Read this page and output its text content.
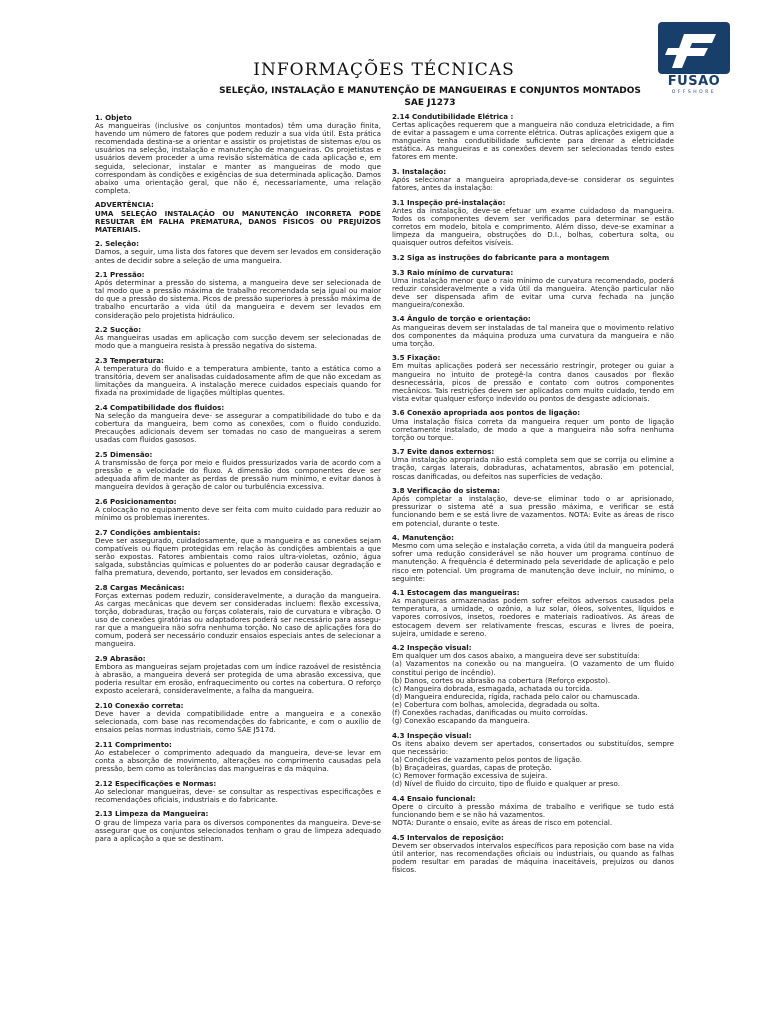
FUSAO
OFFSHORE
INFORMAÇÕES TÉCNICAS
SELEÇÃO, INSTALAÇÃO E MANUTENÇÃO DE MANGUEIRAS E CONJUNTOS MONTADOS
SAE J1273
1. Objeto

As mangueiras (inclusive os conjuntos montados) têm uma duração finita, havendo um número de fatores que podem reduzir a sua vida útil. Esta prática recomendada destina-se a orientar e assistir os projetistas de sistemas e/ou os usuários na seleção, instalação e manutenção de mangueiras. Os projetistas e usuários devem proceder a uma revisão sistemática de cada aplicação e, em seguida, selecionar, instalar e manter as mangueiras de modo que correspondam às condições e exigências de sua determinada aplicação. Damos abaixo uma orientação geral, que não é, necessariamente, uma relação completa.

ADVERTÊNCIA:

UMA SELEÇÃO INSTALAÇÃO OU MANUTENÇÃO INCORRETA PODE RESULTAR EM FALHA PREMATURA, DANOS FÍSICOS OU PREJUÍZOS MATERIAIS.

2. Seleção:

Damos, a seguir, uma lista dos fatores que devem ser levados em consideração antes de decidir sobre a seleção de uma mangueira.

2.1 Pressão:

Após determinar a pressão do sistema, a mangueira deve ser selecionada de tal modo que a pressão máxima de trabalho recomendada seja igual ou maior do que a pressão do sistema. Picos de pressão superiores à pressão máxima de trabalho encurtarão a vida útil da mangueira e devem ser levados em consideração pelo projetista hidráulico.

2.2 Sucção:

As mangueiras usadas em aplicação com sucção devem ser selecionadas de modo que a mangueira resista à pressão negativa do sistema.

2.3 Temperatura:

A temperatura do fluido e a temperatura ambiente, tanto a estática como a transitória, devem ser analisadas cuidadosamente afim de que não excedam as limitações da mangueira. A instalação merece cuidados especiais quando for fixada na proximidade de ligações múltiplas quentes.

2.4 Compatibilidade dos fluidos:

Na seleção da mangueira deve- se assegurar a compatibilidade do tubo e da cobertura da mangueira, bem como as conexões, com o fluido conduzido. Precauções adicionais devem ser tomadas no caso de mangueiras a serem usadas com fluidos gasosos.

2.5 Dimensão:

A transmissão de força por meio e fluidos pressurizados varia de acordo com a pressão e a velocidade do fluxo. A dimensão dos componentes deve ser adequada afim de manter as perdas de pressão num mínimo, e evitar danos à mangueira devidos à geração de calor ou turbulência excessiva.

2.6 Posicionamento:

A colocação no equipamento deve ser feita com muito cuidado para reduzir ao mínimo os problemas inerentes.

2.7 Condições ambientais:

Deve ser assegurado, cuidadosamente, que a mangueira e as conexões sejam compatíveis ou fiquem protegidas em relação às condições ambientais a que serão expostas. Fatores ambientais como raios ultra-violetas, ozônio, água salgada, substâncias químicas e poluentes do ar poderão causar degradação e falha prematura, devendo, portanto, ser levados em consideração.

2.8 Cargas Mecânicas:

Forças externas podem reduzir, consideravelmente, a duração da mangueira. As cargas mecânicas que devem ser consideradas incluem: flexão excessiva, torção, dobraduras, tração ou forças colaterais, raio de curvatura e vibração. O uso de conexões giratórias ou adaptadores poderá ser necessário para assegu- rar que a mangueira não sofra nenhuma torção. No caso de aplicações fora do comum, poderá ser necessário conduzir ensaios especiais antes de selecionar a mangueira.

2.9 Abrasão:

Embora as mangueiras sejam projetadas com um índice razoável de resistência à abrasão, a mangueira deverá ser protegida de uma abrasão excessiva, que poderia resultar em erosão, enfraquecimento ou cortes na cobertura. O reforço exposto acelerará, consideravelmente, a falha da mangueira.

2.10 Conexão correta:

Deve haver a devida compatibilidade entre a mangueira e a conexão selecionada, com base nas recomendações do fabricante, e com o auxílio de ensaios pelas normas industriais, como SAE J517d.

2.11 Comprimento:

Ao estabelecer o comprimento adequado da mangueira, deve-se levar em conta a absorção de movimento, alterações no comprimento causadas pela pressão, bem como as tolerâncias das mangueiras e da máquina.

2.12 Especificações e Normas:

Ao selecionar mangueiras, deve- se consultar as respectivas especificações e recomendações oficiais, industriais e do fabricante.

2.13 Limpeza da Mangueira:

O grau de limpeza varia para os diversos componentes da mangueira. Deve-se assegurar que os conjuntos selecionados tenham o grau de limpeza adequado para a aplicação a que se destinam.

2.14 Condutibilidade Elétrica :

Certas aplicações requerem que a mangueira não conduza eletricidade, a fim de evitar a passagem e uma corrente elétrica. Outras aplicações exigem que a mangueira tenha condutibilidade suficiente para drenar a eletricidade estática. As mangueiras e as conexões devem ser selecionadas tendo estes fatores em mente.

3. Instalação:

Após selecionar a mangueira apropriada,deve-se considerar os seguintes fatores, antes da instalação:

3.1 Inspeção pré-instalação:

Antes da instalação, deve-se efetuar um exame cuidadoso da mangueira. Todos os componentes devem ser verificados para determinar se estão corretos em modelo, bitola e comprimento. Além disso, deve-se examinar a limpeza da mangueira, obstruções do D.I., bolhas, cobertura solta, ou quaisquer outros defeitos visíveis.

3.2 Siga as instruções do fabricante para a montagem
3.3 Raio mínimo de curvatura:

Uma instalação menor que o raio mínimo de curvatura recomendado, poderá reduzir consideravelmente a vida útil da mangueira. Atenção particular não deve ser dispensada afim de evitar uma curva fechada na junção mangueira/conexão.

3.4 Ângulo de torção e orientação:

As mangueiras devem ser instaladas de tal maneira que o movimento relativo dos componentes da máquina produza uma curvatura da mangueira e não uma torção.

3.5 Fixação:

Em muitas aplicações poderá ser necessário restringir, proteger ou guiar a mangueira no intuito de protegê-la contra danos causados por flexão desnecessária, picos de pressão e contato com outros componentes mecânicos. Tais restrições devem ser aplicadas com muito cuidado, tendo em vista evitar qualquer esforço indevido ou pontos de desgaste adicionais.

3.6 Conexão apropriada aos pontos de ligação:

Uma instalação física correta da mangueira requer um ponto de ligação corretamente instalado, de modo a que a mangueira não sofra nenhuma torção ou torque.

3.7 Evite danos externos:

Uma instalação apropriada não está completa sem que se corrija ou elimine a tração, cargas laterais, dobraduras, achatamentos, abrasão em potencial, roscas danificadas, ou defeitos nas superfícies de vedação.

3.8 Verificação do sistema:

Após completar a instalação, deve-se eliminar todo o ar aprisionado, pressurizar o sistema até a sua pressão máxima, e verificar se está funcionando bem e se está livre de vazamentos. NOTA: Evite as áreas de risco em potencial, durante o teste.

4. Manutenção:

Mesmo com uma seleção e instalação correta, a vida útil da mangueira poderá sofrer uma redução considerável se não houver um programa contínuo de manutenção. A frequência é determinado pela severidade de aplicação e pelo risco em potencial. Um programa de manutenção deve incluir, no mínimo, o seguinte:

4.1 Estocagem das mangueiras:

As mangueiras armazenadas podem sofrer efeitos adversos causados pela temperatura, a umidade, o ozônio, a luz solar, óleos, solventes, líquidos e vapores corrosivos, insetos, roedores e materiais radioativos. As áreas de estocagem devem ser relativamente frescas, escuras e livres de poeira, sujeira, umidade e sereno.

4.2 Inspeção visual:

Em qualquer um dos casos abaixo, a mangueira deve ser substituída:

(a) Vazamentos na conexão ou na mangueira. (O vazamento de um fluido constitui perigo de incêndio).

(b) Danos, cortes ou abrasão na cobertura (Reforço exposto).

(c) Mangueira dobrada, esmagada, achatada ou torcida.

(d) Mangueira endurecida, rígida, rachada pelo calor ou chamuscada.

(e) Cobertura com bolhas, amolecida, degradada ou solta.

(f) Conexões rachadas, danificadas ou muito corroídas.

(g) Conexão escapando da mangueira.

4.3 Inspeção visual:

Os itens abaixo devem ser apertados, consertados ou substituídos, sempre que necessário:

(a) Condições de vazamento pelos pontos de ligação.

(b) Braçadeiras, guardas, capas de proteção.

(c) Remover formação excessiva de sujeira.

(d) Nível de fluido do circuito, tipo de fluido e qualquer ar preso.

4.4 Ensaio funcional:

Opere o circuito à pressão máxima de trabalho e verifique se tudo está funcionando bem e se não há vazamentos.

NOTA: Durante o ensaio, evite as áreas de risco em potencial.

4.5 Intervalos de reposição:

Devem ser observados intervalos específicos para reposição com base na vida útil anterior, nas recomendações oficiais ou industriais, ou quando as falhas podem resultar em paradas de máquina inaceitáveis, prejuízos ou danos físicos.
